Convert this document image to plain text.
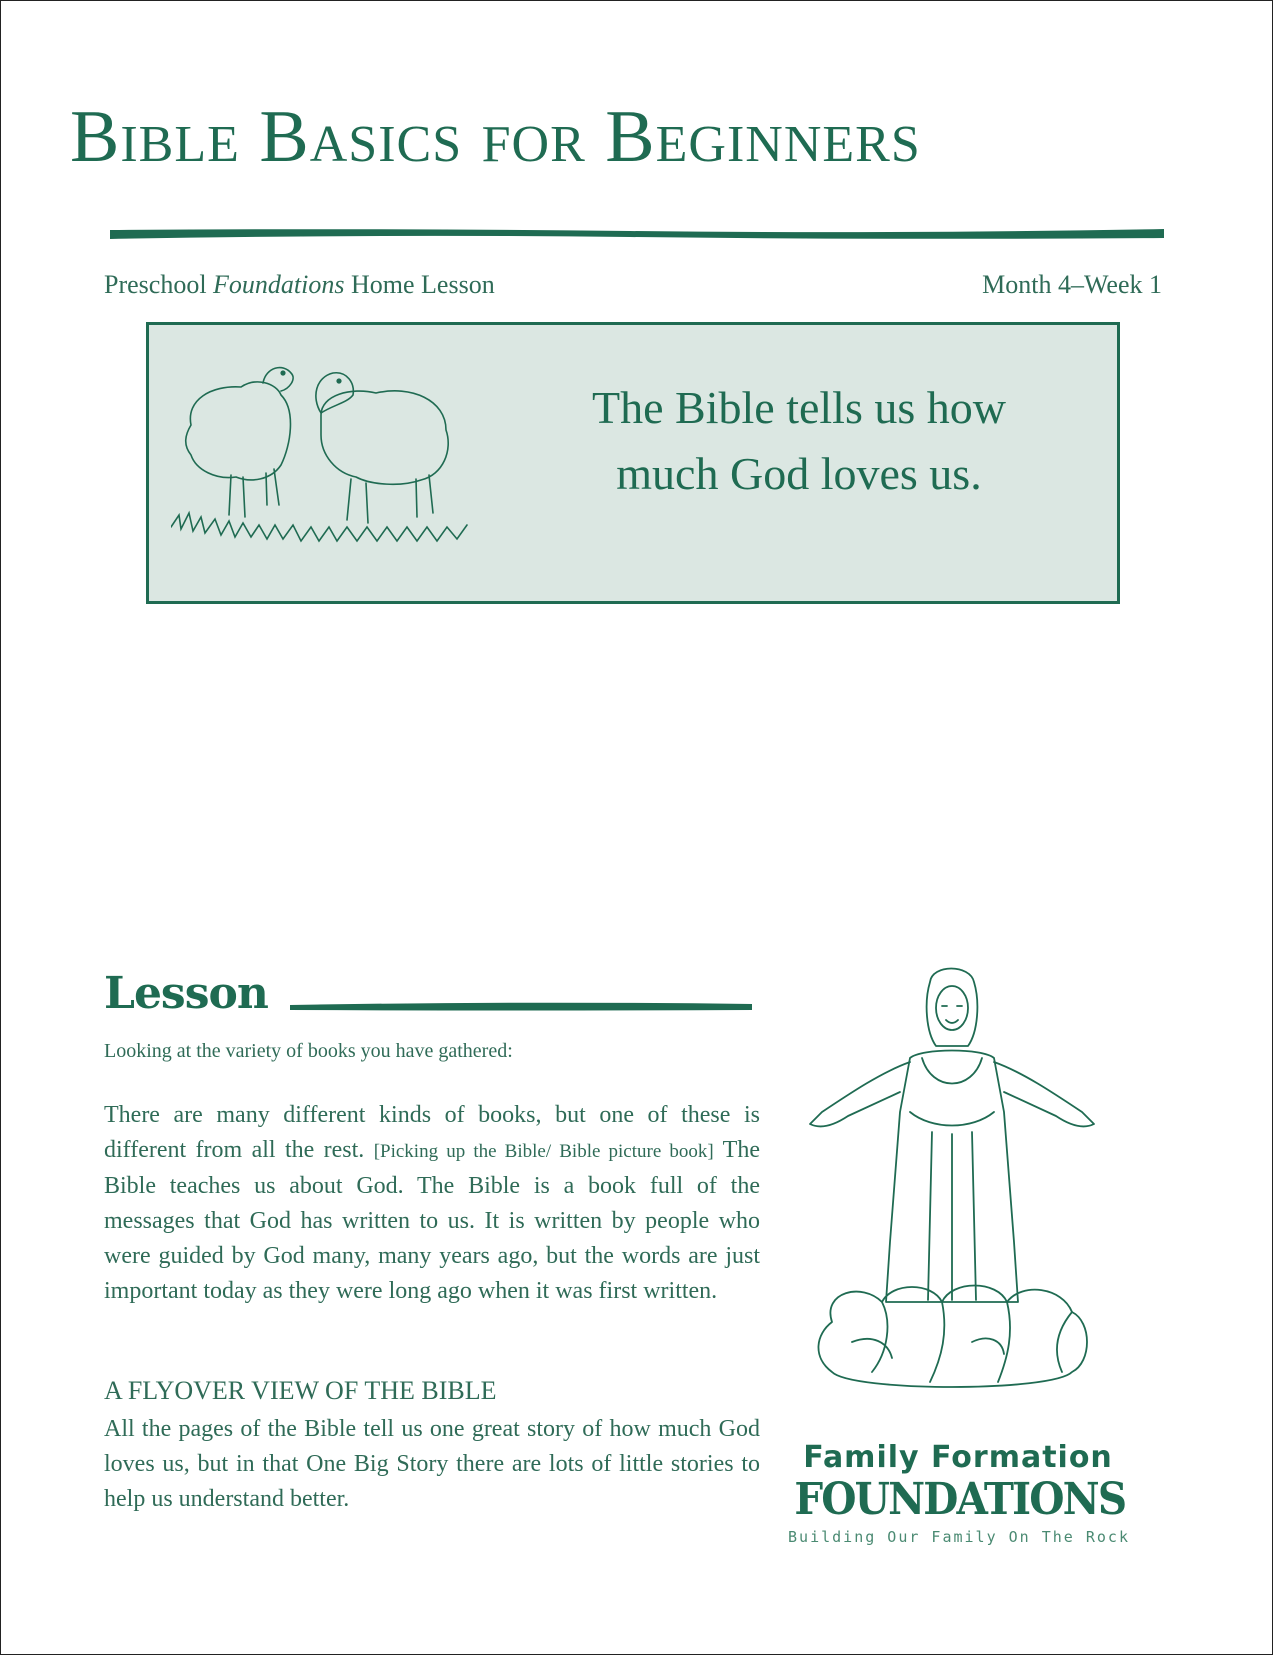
Bible Basics for Beginners
Preschool Foundations Home Lesson	Month 4–Week 1
The Bible tells us how
much God loves us.
Lesson
Looking at the variety of books you have gathered:
There are many different kinds of books, but one of these is different from all the rest. [Picking up the Bible/ Bible picture book] The Bible teaches us about God. The Bible is a book full of the messages that God has written to us. It is written by people who were guided by God many, many years ago, but the words are just important today as they were long ago when it was first written.
A FLYOVER VIEW OF THE BIBLE
All the pages of the Bible tell us one great story of how much God loves us, but in that One Big Story there are lots of little stories to help us understand better.
Family Formation
FOUNDATIONS
Building Our Family On The Rock
